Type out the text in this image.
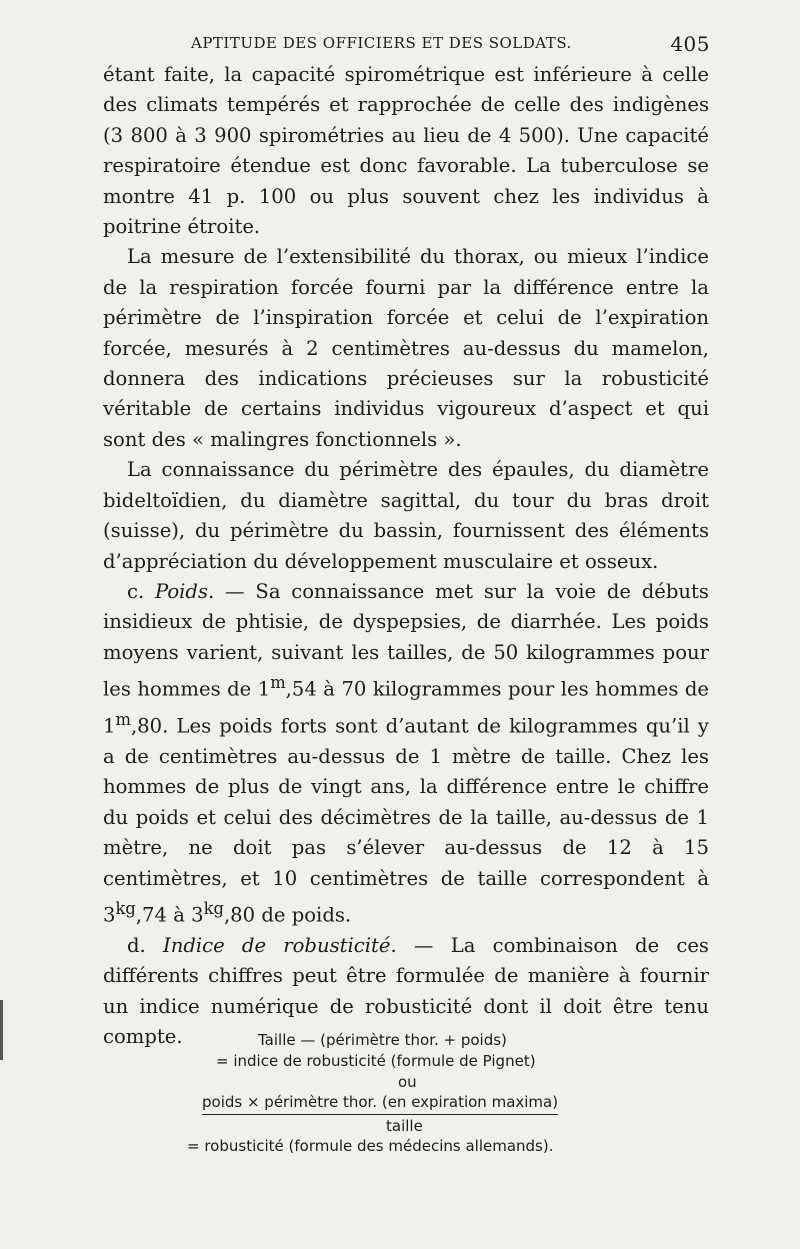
APTITUDE DES OFFICIERS ET DES SOLDATS.	405

étant faite, la capacité spirométrique est inférieure à celle des climats tempérés et rapprochée de celle des indigènes (3 800 à 3 900 spirométries au lieu de 4 500). Une capacité respiratoire étendue est donc favorable. La tuberculose se montre 41 p. 100 ou plus souvent chez les individus à poitrine étroite.

La mesure de l’extensibilité du thorax, ou mieux l’indice de la respiration forcée fourni par la différence entre la périmètre de l’inspiration forcée et celui de l’expiration forcée, mesurés à 2 centimètres au-dessus du mamelon, donnera des indications précieuses sur la robusticité véritable de certains individus vigoureux d’aspect et qui sont des « malingres fonctionnels ».

La connaissance du périmètre des épaules, du diamètre bideltoïdien, du diamètre sagittal, du tour du bras droit (suisse), du périmètre du bassin, fournissent des éléments d’appréciation du développement musculaire et osseux.

c. Poids. — Sa connaissance met sur la voie de débuts insidieux de phtisie, de dyspepsies, de diarrhée. Les poids moyens varient, suivant les tailles, de 50 kilogrammes pour les hommes de 1$^m$,54 à 70 kilogrammes pour les hommes de 1$^m$,80. Les poids forts sont d’autant de kilogrammes qu’il y a de centimètres au-dessus de 1 mètre de taille. Chez les hommes de plus de vingt ans, la différence entre le chiffre du poids et celui des décimètres de la taille, au-dessus de 1 mètre, ne doit pas s’élever au-dessus de 12 à 15 centimètres, et 10 centimètres de taille correspondent à $3^{kg},74$ à $3^{kg},80$ de poids.

d. Indice de robusticité. — La combinaison de ces différents chiffres peut être formulée de manière à fournir un indice numérique de robusticité dont il doit être tenu compte.	Taille — (périmètre thor. + poids)
= indice de robusticité (formule de Pignet)
ou
poids × périmètre thor. (en expiration maxima)
taille
= robusticité (formule des médecins allemands).
